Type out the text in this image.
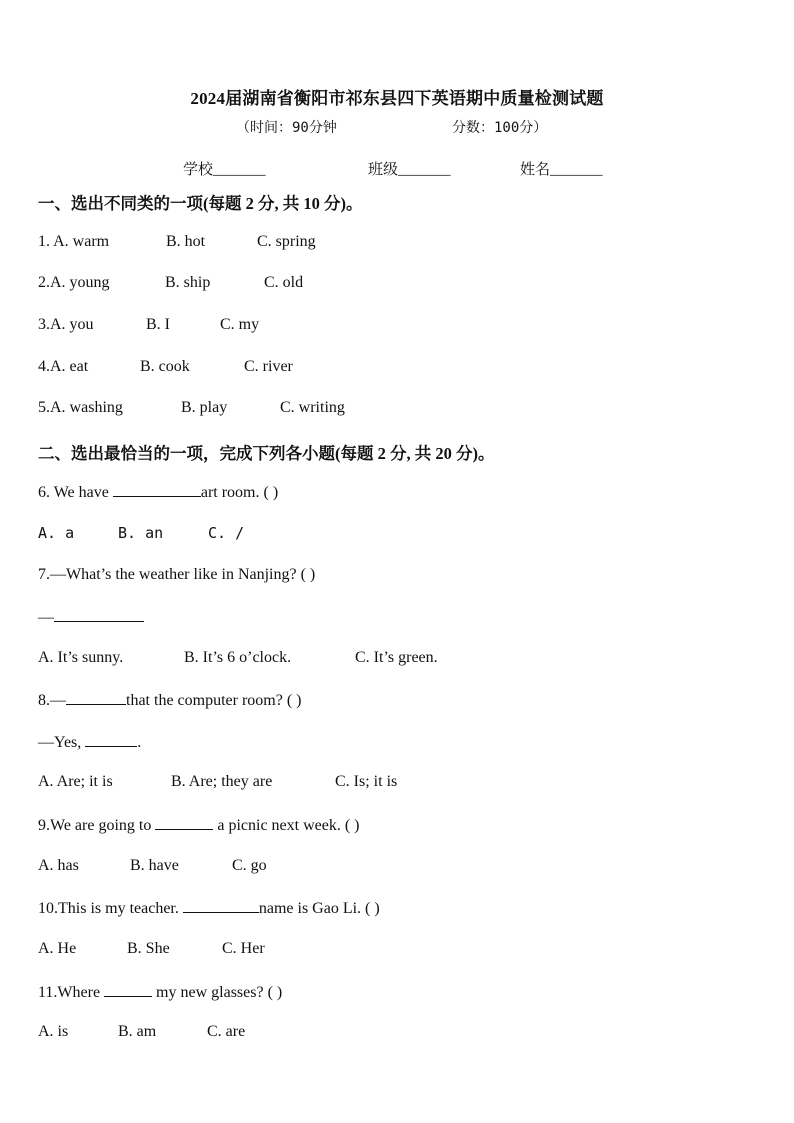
2024届湖南省衡阳市祁东县四下英语期中质量检测试题
（时间：90分钟	分数：100分）
学校_______	班级_______	姓名_______
一、选出不同类的一项(每题 2 分, 共 10 分)。
1. A. warm	B. hot	C. spring
2.A. young	B. ship	C. old
3.A. you	B. I	C. my
4.A. eat	B. cook	C. river
5.A. washing	B. play	C. writing
二、选出最恰当的一项，完成下列各小题(每题 2 分, 共 20 分)。
6. We have	art room. ( )
A. a	B. an	C. /
7.—What’s the weather like in Nanjing? ( )
—
A. It’s sunny.	B. It’s 6 o’clock.	C. It’s green.
8.—	that the computer room? ( )
—Yes,	.
A. Are; it is	B. Are; they are	C. Is; it is
9.We are going to	a picnic next week. ( )
A. has	B. have	C. go
10.This is my teacher.	name is Gao Li. ( )
A. He	B. She	C. Her
11.Where	my new glasses? ( )
A. is	B. am	C. are
